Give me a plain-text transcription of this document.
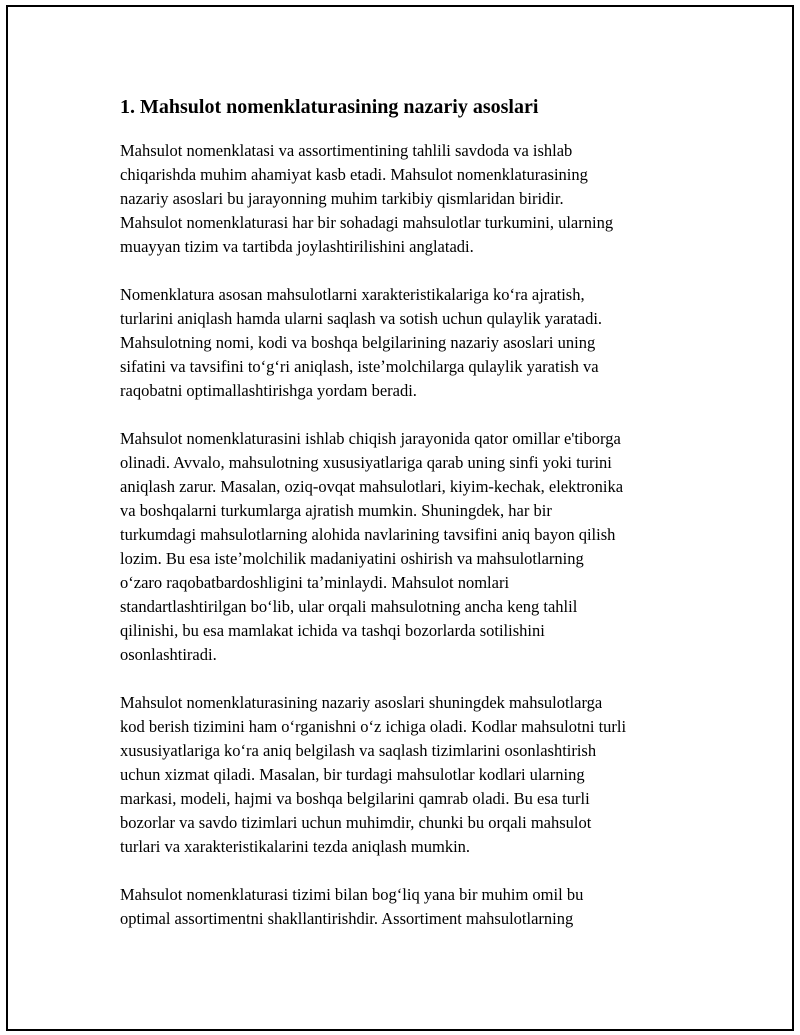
1. Mahsulot nomenklaturasining nazariy asoslari

Mahsulot nomenklatasi va assortimentining tahlili savdoda va ishlab
chiqarishda muhim ahamiyat kasb etadi. Mahsulot nomenklaturasining
nazariy asoslari bu jarayonning muhim tarkibiy qismlaridan biridir.
Mahsulot nomenklaturasi har bir sohadagi mahsulotlar turkumini, ularning
muayyan tizim va tartibda joylashtirilishini anglatadi.

Nomenklatura asosan mahsulotlarni xarakteristikalariga koʻra ajratish,
turlarini aniqlash hamda ularni saqlash va sotish uchun qulaylik yaratadi.
Mahsulotning nomi, kodi va boshqa belgilarining nazariy asoslari uning
sifatini va tavsifini toʻgʻri aniqlash, isteʼmolchilarga qulaylik yaratish va
raqobatni optimallashtirishga yordam beradi.

Mahsulot nomenklaturasini ishlab chiqish jarayonida qator omillar e'tiborga
olinadi. Avvalo, mahsulotning xususiyatlariga qarab uning sinfi yoki turini
aniqlash zarur. Masalan, oziq-ovqat mahsulotlari, kiyim-kechak, elektronika
va boshqalarni turkumlarga ajratish mumkin. Shuningdek, har bir
turkumdagi mahsulotlarning alohida navlarining tavsifini aniq bayon qilish
lozim. Bu esa isteʼmolchilik madaniyatini oshirish va mahsulotlarning
oʻzaro raqobatbardoshligini taʼminlaydi. Mahsulot nomlari
standartlashtirilgan boʻlib, ular orqali mahsulotning ancha keng tahlil
qilinishi, bu esa mamlakat ichida va tashqi bozorlarda sotilishini
osonlashtiradi.

Mahsulot nomenklaturasining nazariy asoslari shuningdek mahsulotlarga
kod berish tizimini ham oʻrganishni oʻz ichiga oladi. Kodlar mahsulotni turli
xususiyatlariga koʻra aniq belgilash va saqlash tizimlarini osonlashtirish
uchun xizmat qiladi. Masalan, bir turdagi mahsulotlar kodlari ularning
markasi, modeli, hajmi va boshqa belgilarini qamrab oladi. Bu esa turli
bozorlar va savdo tizimlari uchun muhimdir, chunki bu orqali mahsulot
turlari va xarakteristikalarini tezda aniqlash mumkin.

Mahsulot nomenklaturasi tizimi bilan bogʻliq yana bir muhim omil bu
optimal assortimentni shakllantirishdir. Assortiment mahsulotlarning
